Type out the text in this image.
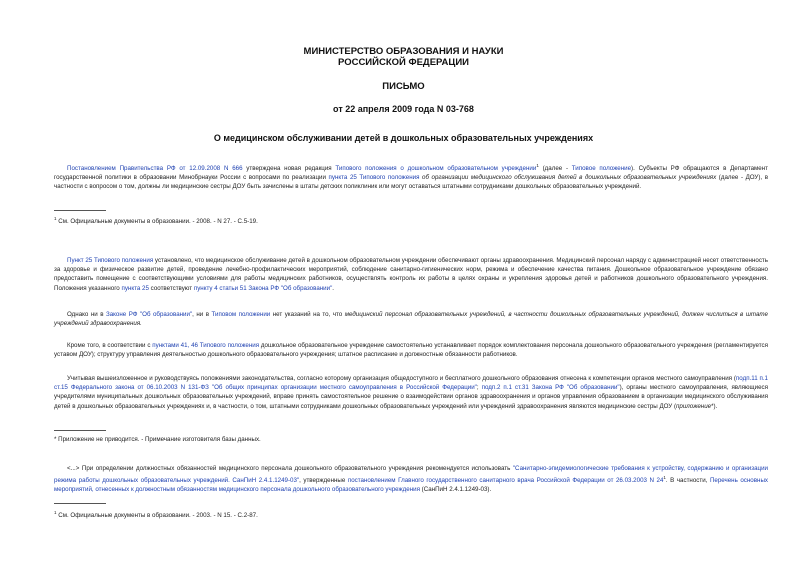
МИНИСТЕРСТВО ОБРАЗОВАНИЯ И НАУКИ
РОССИЙСКОЙ ФЕДЕРАЦИИ
ПИСЬМО
от 22 апреля 2009 года N 03-768
О медицинском обслуживании детей в дошкольных образовательных учреждениях
Постановлением Правительства РФ от 12.09.2008 N 666 утверждена новая редакция Типового положения о дошкольном образовательном учреждении$^1$ (далее - Типовое положение). Субъекты РФ обращаются в Департамент государственной политики в образовании Минобрнауки России с вопросами по реализации пункта 25 Типового положения об организации медицинского обслуживания детей в дошкольных образовательных учреждениях (далее - ДОУ), в частности с вопросом о том, должны ли медицинские сестры ДОУ быть зачислены в штаты детских поликлиник или могут оставаться штатными сотрудниками дошкольных образовательных учреждений.
$^1$ См. Официальные документы в образовании. - 2008. - N 27. - С.5-19.
Пункт 25 Типового положения установлено, что медицинское обслуживание детей в дошкольном образовательном учреждении обеспечивают органы здравоохранения. Медицинский персонал наряду с администрацией несет ответственность за здоровье и физическое развитие детей, проведение лечебно-профилактических мероприятий, соблюдение санитарно-гигиенических норм, режима и обеспечение качества питания. Дошкольное образовательное учреждение обязано предоставить помещение с соответствующими условиями для работы медицинских работников, осуществлять контроль их работы в целях охраны и укрепления здоровья детей и работников дошкольного образовательного учреждения. Положения указанного пункта 25 соответствуют пункту 4 статьи 51 Закона РФ "Об образовании".
Однако ни в Законе РФ "Об образовании", ни в Типовом положении нет указаний на то, что медицинский персонал образовательных учреждений, в частности дошкольных образовательных учреждений, должен числиться в штате учреждений здравоохранения.
Кроме того, в соответствии с пунктами 41, 46 Типового положения дошкольное образовательное учреждение самостоятельно устанавливает порядок комплектования персонала дошкольного образовательного учреждения (регламентируется уставом ДОУ); структуру управления деятельностью дошкольного образовательного учреждения; штатное расписание и должностные обязанности работников.
Учитывая вышеизложенное и руководствуясь положениями законодательства, согласно которому организация общедоступного и бесплатного дошкольного образования отнесена к компетенции органов местного самоуправления (подп.11 п.1 ст.15 Федерального закона от 06.10.2003 N 131-ФЗ "Об общих принципах организации местного самоуправления в Российской Федерации"; подп.2 п.1 ст.31 Закона РФ "Об образовании"), органы местного самоуправления, являющиеся учредителями муниципальных дошкольных образовательных учреждений, вправе принять самостоятельное решение о взаимодействии органов здравоохранения и органов управления образованием в организации медицинского обслуживания детей в дошкольных образовательных учреждениях и, в частности, о том, штатными сотрудниками дошкольных образовательных учреждений или учреждений здравоохранения являются медицинские сестры ДОУ (приложение*).
* Приложение не приводится. - Примечание изготовителя базы данных.
<...> При определении должностных обязанностей медицинского персонала дошкольного образовательного учреждения рекомендуется использовать "Санитарно-эпидемиологические требования к устройству, содержанию и организации режима работы дошкольных образовательных учреждений. СанПиН 2.4.1.1249-03", утвержденные постановлением Главного государственного санитарного врача Российской Федерации от 26.03.2003 N $24^1$. В частности, Перечень основных мероприятий, отнесенных к должностным обязанностям медицинского персонала дошкольного образовательного учреждения (СанПиН 2.4.1.1249-03).
$^1$ См. Официальные документы в образовании. - 2003. - N 15. - С.2-87.
